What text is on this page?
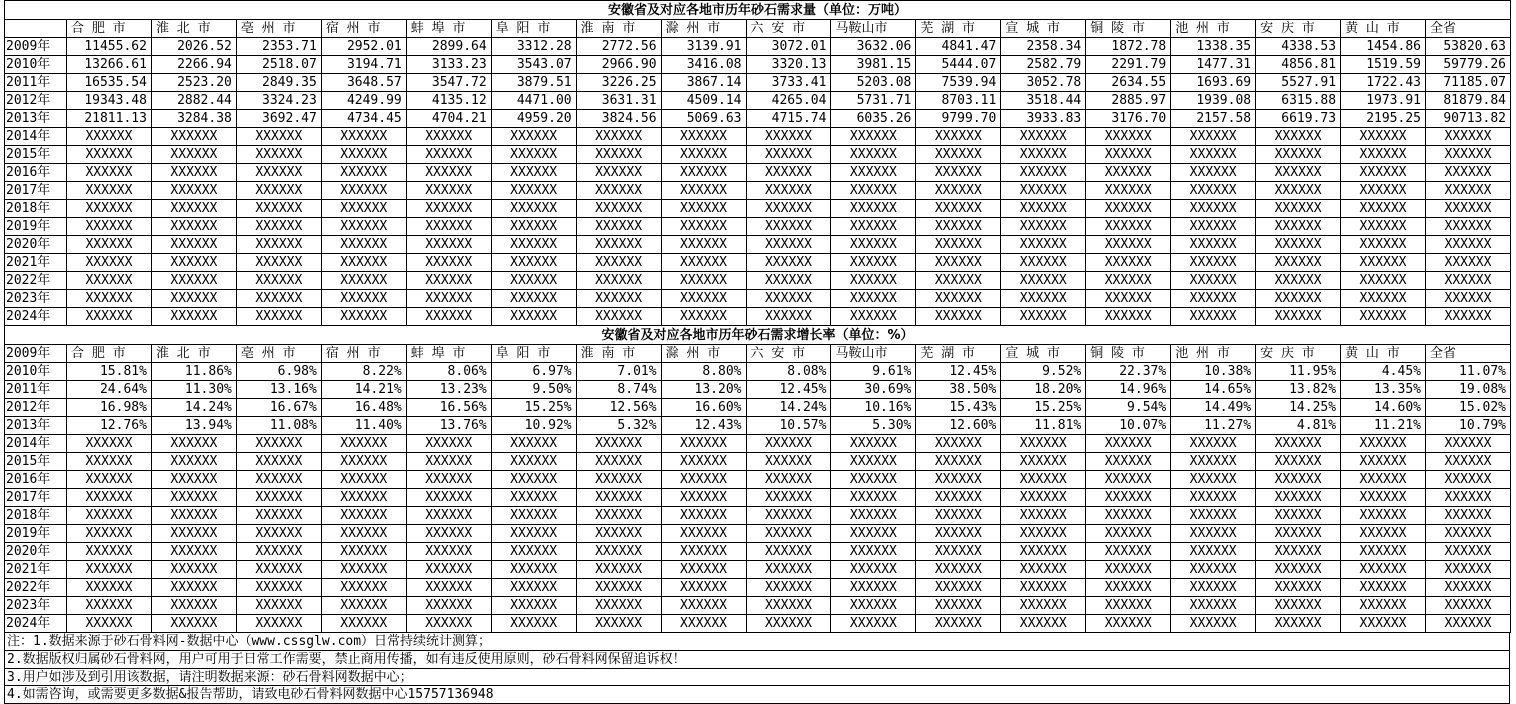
安徽省及对应各地市历年砂石需求量（单位：万吨）																	
	合 肥 市	淮 北 市	亳 州 市	宿 州 市	蚌 埠 市	阜 阳 市	淮 南 市	滁 州 市	六 安 市	马鞍山市	芜 湖 市	宣 城 市	铜 陵 市	池 州 市	安 庆 市	黄 山 市	全省
2009年	11455.62	2026.52	2353.71	2952.01	2899.64	3312.28	2772.56	3139.91	3072.01	3632.06	4841.47	2358.34	1872.78	1338.35	4338.53	1454.86	53820.63
2010年	13266.61	2266.94	2518.07	3194.71	3133.23	3543.07	2966.90	3416.08	3320.13	3981.15	5444.07	2582.79	2291.79	1477.31	4856.81	1519.59	59779.26
2011年	16535.54	2523.20	2849.35	3648.57	3547.72	3879.51	3226.25	3867.14	3733.41	5203.08	7539.94	3052.78	2634.55	1693.69	5527.91	1722.43	71185.07
2012年	19343.48	2882.44	3324.23	4249.99	4135.12	4471.00	3631.31	4509.14	4265.04	5731.71	8703.11	3518.44	2885.97	1939.08	6315.88	1973.91	81879.84
2013年	21811.13	3284.38	3692.47	4734.45	4704.21	4959.20	3824.56	5069.63	4715.74	6035.26	9799.70	3933.83	3176.70	2157.58	6619.73	2195.25	90713.82
2014年	XXXXXX	XXXXXX	XXXXXX	XXXXXX	XXXXXX	XXXXXX	XXXXXX	XXXXXX	XXXXXX	XXXXXX	XXXXXX	XXXXXX	XXXXXX	XXXXXX	XXXXXX	XXXXXX	XXXXXX
2015年	XXXXXX	XXXXXX	XXXXXX	XXXXXX	XXXXXX	XXXXXX	XXXXXX	XXXXXX	XXXXXX	XXXXXX	XXXXXX	XXXXXX	XXXXXX	XXXXXX	XXXXXX	XXXXXX	XXXXXX
2016年	XXXXXX	XXXXXX	XXXXXX	XXXXXX	XXXXXX	XXXXXX	XXXXXX	XXXXXX	XXXXXX	XXXXXX	XXXXXX	XXXXXX	XXXXXX	XXXXXX	XXXXXX	XXXXXX	XXXXXX
2017年	XXXXXX	XXXXXX	XXXXXX	XXXXXX	XXXXXX	XXXXXX	XXXXXX	XXXXXX	XXXXXX	XXXXXX	XXXXXX	XXXXXX	XXXXXX	XXXXXX	XXXXXX	XXXXXX	XXXXXX
2018年	XXXXXX	XXXXXX	XXXXXX	XXXXXX	XXXXXX	XXXXXX	XXXXXX	XXXXXX	XXXXXX	XXXXXX	XXXXXX	XXXXXX	XXXXXX	XXXXXX	XXXXXX	XXXXXX	XXXXXX
2019年	XXXXXX	XXXXXX	XXXXXX	XXXXXX	XXXXXX	XXXXXX	XXXXXX	XXXXXX	XXXXXX	XXXXXX	XXXXXX	XXXXXX	XXXXXX	XXXXXX	XXXXXX	XXXXXX	XXXXXX
2020年	XXXXXX	XXXXXX	XXXXXX	XXXXXX	XXXXXX	XXXXXX	XXXXXX	XXXXXX	XXXXXX	XXXXXX	XXXXXX	XXXXXX	XXXXXX	XXXXXX	XXXXXX	XXXXXX	XXXXXX
2021年	XXXXXX	XXXXXX	XXXXXX	XXXXXX	XXXXXX	XXXXXX	XXXXXX	XXXXXX	XXXXXX	XXXXXX	XXXXXX	XXXXXX	XXXXXX	XXXXXX	XXXXXX	XXXXXX	XXXXXX
2022年	XXXXXX	XXXXXX	XXXXXX	XXXXXX	XXXXXX	XXXXXX	XXXXXX	XXXXXX	XXXXXX	XXXXXX	XXXXXX	XXXXXX	XXXXXX	XXXXXX	XXXXXX	XXXXXX	XXXXXX
2023年	XXXXXX	XXXXXX	XXXXXX	XXXXXX	XXXXXX	XXXXXX	XXXXXX	XXXXXX	XXXXXX	XXXXXX	XXXXXX	XXXXXX	XXXXXX	XXXXXX	XXXXXX	XXXXXX	XXXXXX
2024年	XXXXXX	XXXXXX	XXXXXX	XXXXXX	XXXXXX	XXXXXX	XXXXXX	XXXXXX	XXXXXX	XXXXXX	XXXXXX	XXXXXX	XXXXXX	XXXXXX	XXXXXX	XXXXXX	XXXXXX
安徽省及对应各地市历年砂石需求增长率（单位：%）																	
2009年	合 肥 市	淮 北 市	亳 州 市	宿 州 市	蚌 埠 市	阜 阳 市	淮 南 市	滁 州 市	六 安 市	马鞍山市	芜 湖 市	宣 城 市	铜 陵 市	池 州 市	安 庆 市	黄 山 市	全省
2010年	15.81%	11.86%	6.98%	8.22%	8.06%	6.97%	7.01%	8.80%	8.08%	9.61%	12.45%	9.52%	22.37%	10.38%	11.95%	4.45%	11.07%
2011年	24.64%	11.30%	13.16%	14.21%	13.23%	9.50%	8.74%	13.20%	12.45%	30.69%	38.50%	18.20%	14.96%	14.65%	13.82%	13.35%	19.08%
2012年	16.98%	14.24%	16.67%	16.48%	16.56%	15.25%	12.56%	16.60%	14.24%	10.16%	15.43%	15.25%	9.54%	14.49%	14.25%	14.60%	15.02%
2013年	12.76%	13.94%	11.08%	11.40%	13.76%	10.92%	5.32%	12.43%	10.57%	5.30%	12.60%	11.81%	10.07%	11.27%	4.81%	11.21%	10.79%
2014年	XXXXXX	XXXXXX	XXXXXX	XXXXXX	XXXXXX	XXXXXX	XXXXXX	XXXXXX	XXXXXX	XXXXXX	XXXXXX	XXXXXX	XXXXXX	XXXXXX	XXXXXX	XXXXXX	XXXXXX
2015年	XXXXXX	XXXXXX	XXXXXX	XXXXXX	XXXXXX	XXXXXX	XXXXXX	XXXXXX	XXXXXX	XXXXXX	XXXXXX	XXXXXX	XXXXXX	XXXXXX	XXXXXX	XXXXXX	XXXXXX
2016年	XXXXXX	XXXXXX	XXXXXX	XXXXXX	XXXXXX	XXXXXX	XXXXXX	XXXXXX	XXXXXX	XXXXXX	XXXXXX	XXXXXX	XXXXXX	XXXXXX	XXXXXX	XXXXXX	XXXXXX
2017年	XXXXXX	XXXXXX	XXXXXX	XXXXXX	XXXXXX	XXXXXX	XXXXXX	XXXXXX	XXXXXX	XXXXXX	XXXXXX	XXXXXX	XXXXXX	XXXXXX	XXXXXX	XXXXXX	XXXXXX
2018年	XXXXXX	XXXXXX	XXXXXX	XXXXXX	XXXXXX	XXXXXX	XXXXXX	XXXXXX	XXXXXX	XXXXXX	XXXXXX	XXXXXX	XXXXXX	XXXXXX	XXXXXX	XXXXXX	XXXXXX
2019年	XXXXXX	XXXXXX	XXXXXX	XXXXXX	XXXXXX	XXXXXX	XXXXXX	XXXXXX	XXXXXX	XXXXXX	XXXXXX	XXXXXX	XXXXXX	XXXXXX	XXXXXX	XXXXXX	XXXXXX
2020年	XXXXXX	XXXXXX	XXXXXX	XXXXXX	XXXXXX	XXXXXX	XXXXXX	XXXXXX	XXXXXX	XXXXXX	XXXXXX	XXXXXX	XXXXXX	XXXXXX	XXXXXX	XXXXXX	XXXXXX
2021年	XXXXXX	XXXXXX	XXXXXX	XXXXXX	XXXXXX	XXXXXX	XXXXXX	XXXXXX	XXXXXX	XXXXXX	XXXXXX	XXXXXX	XXXXXX	XXXXXX	XXXXXX	XXXXXX	XXXXXX
2022年	XXXXXX	XXXXXX	XXXXXX	XXXXXX	XXXXXX	XXXXXX	XXXXXX	XXXXXX	XXXXXX	XXXXXX	XXXXXX	XXXXXX	XXXXXX	XXXXXX	XXXXXX	XXXXXX	XXXXXX
2023年	XXXXXX	XXXXXX	XXXXXX	XXXXXX	XXXXXX	XXXXXX	XXXXXX	XXXXXX	XXXXXX	XXXXXX	XXXXXX	XXXXXX	XXXXXX	XXXXXX	XXXXXX	XXXXXX	XXXXXX
2024年	XXXXXX	XXXXXX	XXXXXX	XXXXXX	XXXXXX	XXXXXX	XXXXXX	XXXXXX	XXXXXX	XXXXXX	XXXXXX	XXXXXX	XXXXXX	XXXXXX	XXXXXX	XXXXXX	XXXXXX
注：1.数据来源于砂石骨料网-数据中心（www.cssglw.com）日常持续统计测算；
2.数据版权归属砂石骨料网，用户可用于日常工作需要，禁止商用传播，如有违反使用原则，砂石骨料网保留追诉权！
3.用户如涉及到引用该数据，请注明数据来源：砂石骨料网数据中心；
4.如需咨询，或需要更多数据&报告帮助，请致电砂石骨料网数据中心15757136948
